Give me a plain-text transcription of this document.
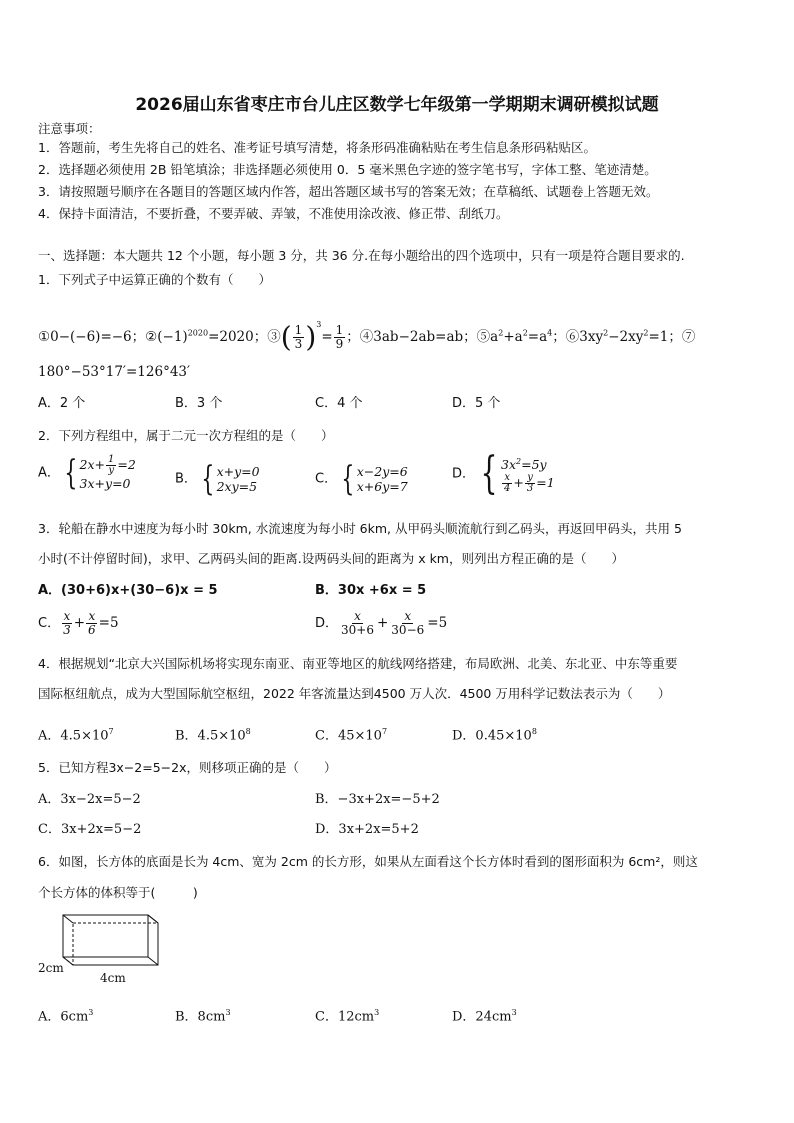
2026届山东省枣庄市台儿庄区数学七年级第一学期期末调研模拟试题
注意事项：
1．答题前，考生先将自己的姓名、准考证号填写清楚，将条形码准确粘贴在考生信息条形码粘贴区。
2．选择题必须使用 2B 铅笔填涂；非选择题必须使用 0．5 毫米黑色字迹的签字笔书写，字体工整、笔迹清楚。
3．请按照题号顺序在各题目的答题区域内作答，超出答题区域书写的答案无效；在草稿纸、试题卷上答题无效。
4．保持卡面清洁，不要折叠，不要弄破、弄皱，不准使用涂改液、修正带、刮纸刀。
一、选择题：本大题共 12 个小题，每小题 3 分，共 36 分.在每小题给出的四个选项中，只有一项是符合题目要求的.
1．下列式子中运算正确的个数有（　　）
①0−(−6)=−6；$②(-1)^{2020}=2020$；③( $\frac{1}{3} )^3= \frac{1}{9}$ ；④3ab−2ab=ab；$⑤a^2+a^2=a^4$；$⑥3xy^2-2xy^2=1$；⑦
180°−53°17′=126°43′
A．2 个	B．3 个	C．4 个	D．5 个
2．下列方程组中，属于二元一次方程组的是（　　）
A． { $2x+ \frac{1}{y} =2$
3x+y=0	B． { x+y=0
2xy=5	C． { x−2y=6
x+6y=7
D． { $3x^2=5y$
$\frac{x}{4} + \frac{y}{3} =1$
3．轮船在静水中速度为每小时 30km, 水流速度为每小时 6km, 从甲码头顺流航行到乙码头，再返回甲码头，共用 5
小时(不计停留时间)，求甲、乙两码头间的距离.设两码头间的距离为 x km，则列出方程正确的是（　　）
A．(30+6)x+(30−6)x = 5	B．30x +6x = 5
C． $\frac{x}{3} + \frac{x}{6} =5$	D． $\frac{x}{30+6} + \frac{x}{30-6} =5$
4．根据规划“北京大兴国际机场将实现东南亚、南亚等地区的航线网络搭建，布局欧洲、北美、东北亚、中东等重要
国际枢纽航点，成为大型国际航空枢纽，2022 年客流量达到4500 万人次．4500 万用科学记数法表示为（　　）
A．$4.5\times 10^7$	B．$4.5\times 10^8$	C．$45\times 10^7$	D．$0.45\times 10^8$
5．已知方程3x−2=5−2x，则移项正确的是（　　）
A．3x−2x=5−2	B．−3x+2x=−5+2
C．3x+2x=5−2	D．3x+2x=5+2
6．如图，长方体的底面是长为 4cm、宽为 2cm 的长方形，如果从左面看这个长方体时看到的图形面积为 6cm²，则这
个长方体的体积等于(　　　)
2cm
4cm
A．$6cm^3$	B．$8cm^3$	C．$12cm^3$	D．$24cm^3$
